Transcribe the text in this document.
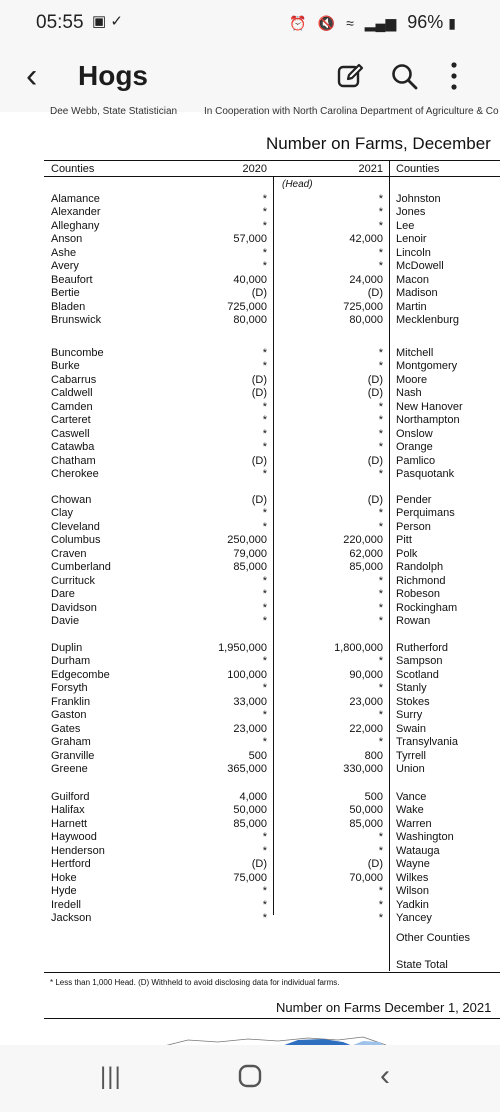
05:55 ▣ ✓	⏰ 🔇 ≈ ▂▄▆ 96% ▮
‹ Hogs
Dee Webb, State Statistician	In Cooperation with North Carolina Department of Agriculture & Co
Number on Farms, December
Counties	2020	2021 Counties
(Head)
Alamance	*	* Johnston
Alexander	*	* Jones
Alleghany	*	* Lee
Anson	57,000	42,000 Lenoir
Ashe	*	* Lincoln
Avery	*	* McDowell
Beaufort	40,000	24,000 Macon
Bertie	(D)	(D) Madison
Bladen	725,000	725,000 Martin
Brunswick	80,000	80,000 Mecklenburg
Buncombe	*	* Mitchell
Burke	*	* Montgomery
Cabarrus	(D)	(D) Moore
Caldwell	(D)	(D) Nash
Camden	*	* New Hanover
Carteret	*	* Northampton
Caswell	*	* Onslow
Catawba	*	* Orange
Chatham	(D)	(D) Pamlico
Cherokee	*	* Pasquotank
Chowan	(D)	(D) Pender
Clay	*	* Perquimans
Cleveland	*	* Person
Columbus	250,000	220,000 Pitt
Craven	79,000	62,000 Polk
Cumberland	85,000	85,000 Randolph
Currituck	*	* Richmond
Dare	*	* Robeson
Davidson	*	* Rockingham
Davie	*	* Rowan
Duplin	1,950,000	1,800,000 Rutherford
Durham	*	* Sampson
Edgecombe	100,000	90,000 Scotland
Forsyth	*	* Stanly
Franklin	33,000	23,000 Stokes
Gaston	*	* Surry
Gates	23,000	22,000 Swain
Graham	*	* Transylvania
Granville	500	800 Tyrrell
Greene	365,000	330,000 Union
Guilford	4,000	500 Vance
Halifax	50,000	50,000 Wake
Harnett	85,000	85,000 Warren
Haywood	*	* Washington
Henderson	*	* Watauga
Hertford	(D)	(D) Wayne
Hoke	75,000	70,000 Wilkes
Hyde	*	* Wilson
Iredell	*	* Yadkin
Jackson	*	* Yancey
Other Counties
State Total
* Less than 1,000 Head. (D) Withheld to avoid disclosing data for individual farms.
Number on Farms December 1, 2021
|||	‹
